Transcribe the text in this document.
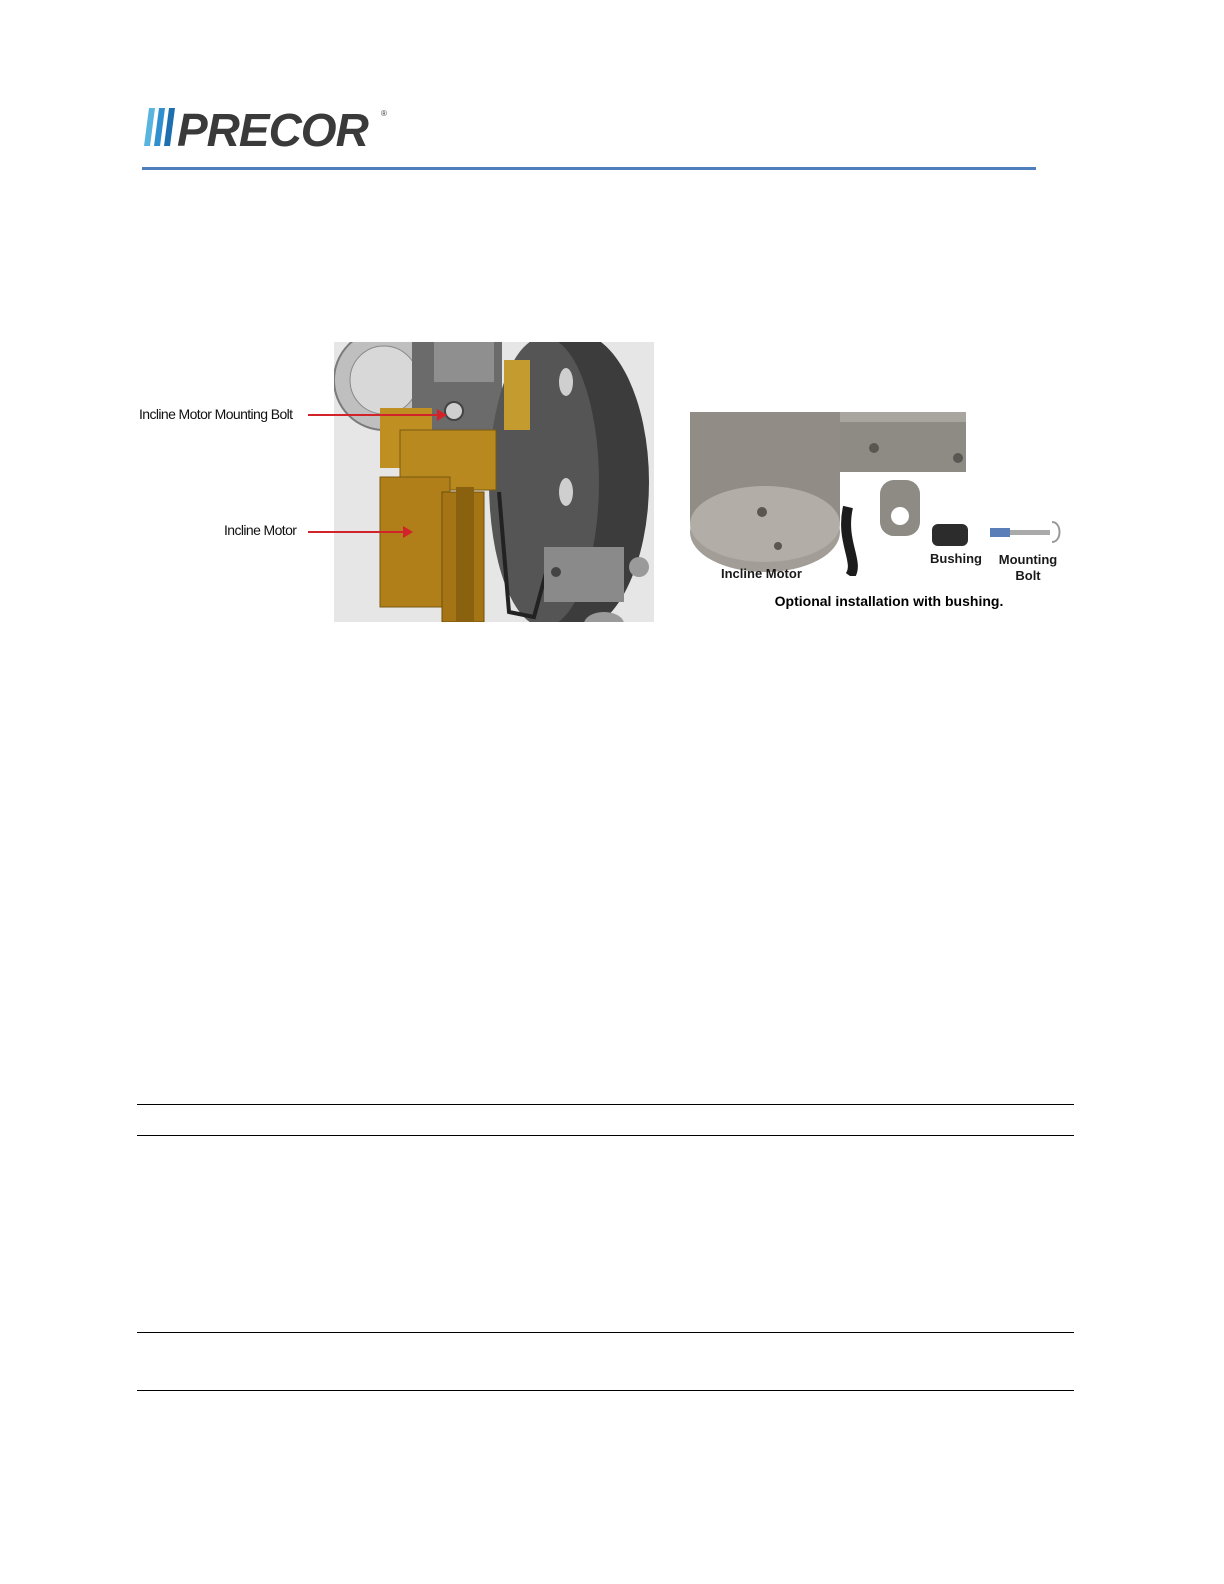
PRECOR ®
Incline Motor Mounting Bolt
Incline Motor
Incline Motor
Bushing Mounting Bolt
Optional installation with bushing.
